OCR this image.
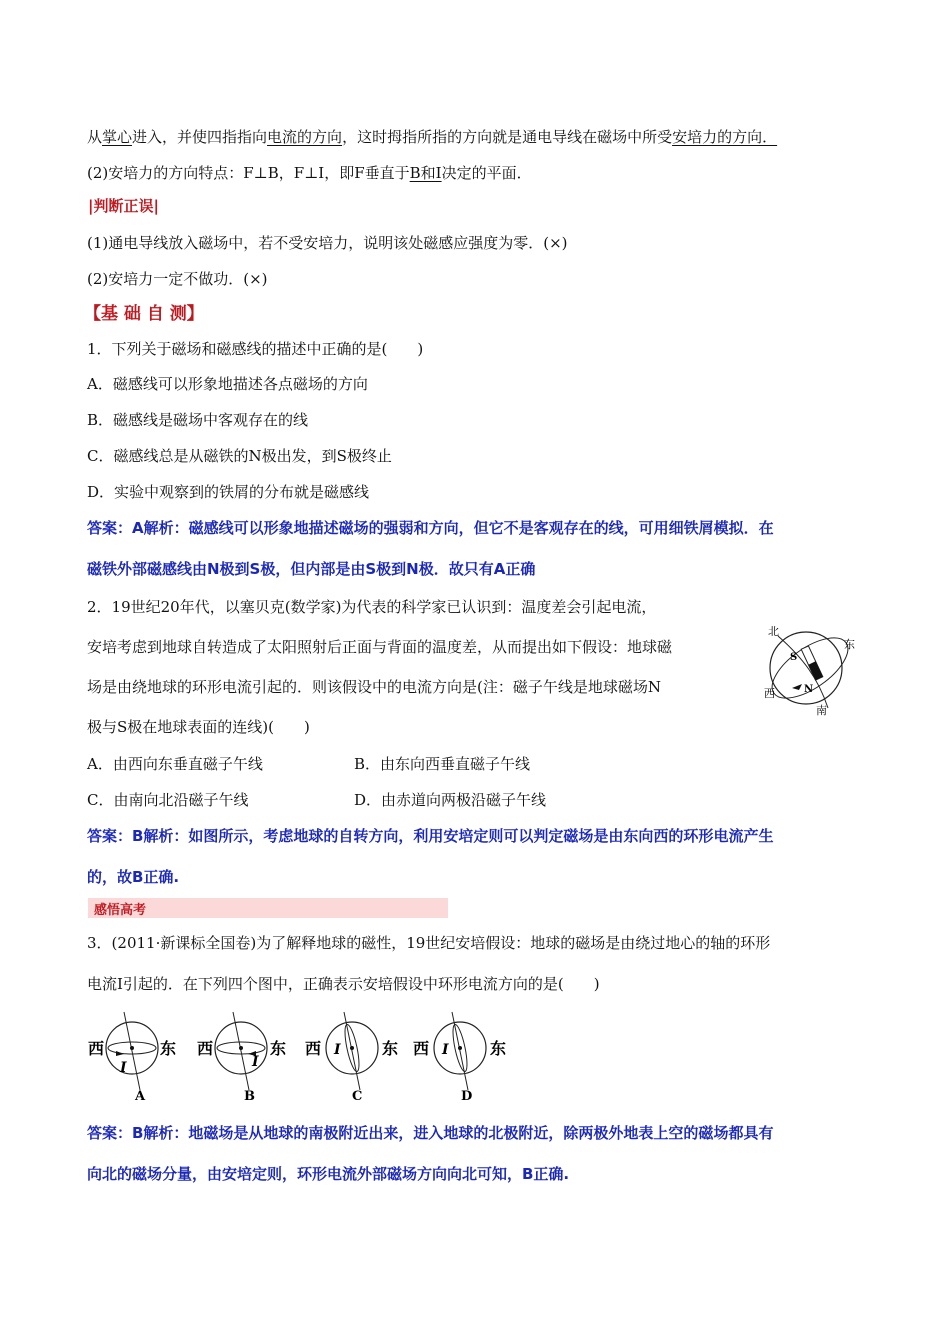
从掌心进入，并使四指指向电流的方向，这时拇指所指的方向就是通电导线在磁场中所受安培力的方向．
(2)安培力的方向特点：F⊥B，F⊥I，即F垂直于B和I决定的平面．
|判断正误|
(1)通电导线放入磁场中，若不受安培力，说明该处磁感应强度为零．(×)
(2)安培力一定不做功．(×)
【基 础 自 测】
1．下列关于磁场和磁感线的描述中正确的是(　　)
A．磁感线可以形象地描述各点磁场的方向
B．磁感线是磁场中客观存在的线
C．磁感线总是从磁铁的N极出发，到S极终止
D．实验中观察到的铁屑的分布就是磁感线
答案：A解析：磁感线可以形象地描述磁场的强弱和方向，但它不是客观存在的线，可用细铁屑模拟．在
磁铁外部磁感线由N极到S极，但内部是由S极到N极．故只有A正确
2．19世纪20年代，以塞贝克(数学家)为代表的科学家已认识到：温度差会引起电流，
安培考虑到地球自转造成了太阳照射后正面与背面的温度差，从而提出如下假设：地球磁
场是由绕地球的环形电流引起的．则该假设中的电流方向是(注：磁子午线是地球磁场N
极与S极在地球表面的连线)(　　)
A．由西向东垂直磁子午线	B．由东向西垂直磁子午线
C．由南向北沿磁子午线	D．由赤道向两极沿磁子午线
答案：B解析：如图所示，考虑地球的自转方向，利用安培定则可以判定磁场是由东向西的环形电流产生
的，故B正确.
北
东
西
南
S
N
感悟高考
3．(2011·新课标全国卷)为了解释地球的磁性，19世纪安培假设：地球的磁场是由绕过地心的轴的环形
电流I引起的．在下列四个图中，正确表示安培假设中环形电流方向的是(　　)
西
I
东
A
西
I
东
B
西 I	东
C
西 I	东
D
答案：B解析：地磁场是从地球的南极附近出来，进入地球的北极附近，除两极外地表上空的磁场都具有
向北的磁场分量，由安培定则，环形电流外部磁场方向向北可知，B正确.
